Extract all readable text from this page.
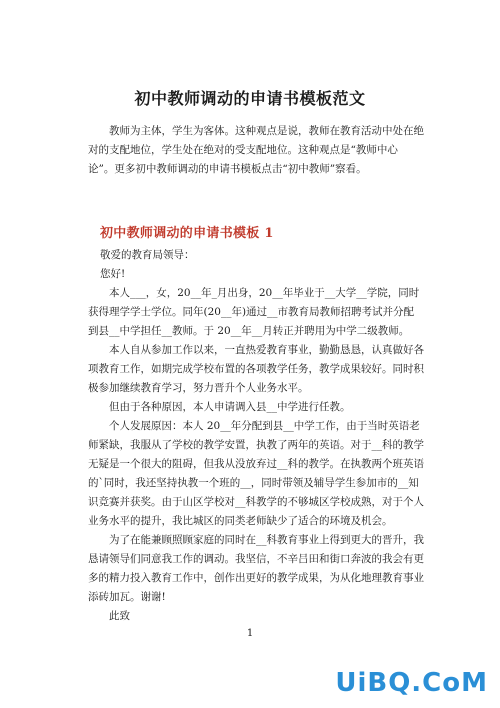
初中教师调动的申请书模板范文

教师为主体，学生为客体。这种观点是说，教师在教育活动中处在绝对的支配地位，学生处在绝对的受支配地位。这种观点是“教师中心论”。更多初中教师调动的申请书模板点击“初中教师”察看。

初中教师调动的申请书模板 1

敬爱的教育局领导：

您好!

本人___，女，20__年_月出身，20__年毕业于__大学__学院，同时获得理学学士学位。同年(20__年)通过__市教育局教师招聘考试并分配到县__中学担任__教师。于 20__年__月转正并聘用为中学二级教师。

本人自从参加工作以来，一直热爱教育事业，勤勤恳恳，认真做好各项教育工作，如期完成学校布置的各项教学任务，教学成果较好。同时积极参加继续教育学习，努力晋升个人业务水平。

但由于各种原因，本人申请调入县__中学进行任教。

个人发展原因：本人 20__年分配到县__中学工作，由于当时英语老师紧缺，我服从了学校的教学安置，执教了两年的英语。对于__科的教学无疑是一个很大的阻碍，但我从没放弃过__科的教学。在执教两个班英语的`同时，我还坚持执教一个班的__，同时带领及辅导学生参加市的__知识竞赛并获奖。由于山区学校对__科教学的不够城区学校成熟，对于个人业务水平的提升，我比城区的同类老师缺少了适合的环境及机会。

为了在能兼顾照顾家庭的同时在__科教育事业上得到更大的晋升，我恳请领导们同意我工作的调动。我坚信，不辛吕田和街口奔波的我会有更多的精力投入教育工作中，创作出更好的教学成果，为从化地理教育事业添砖加瓦。谢谢!

此致

1
UiBQ.CoM
